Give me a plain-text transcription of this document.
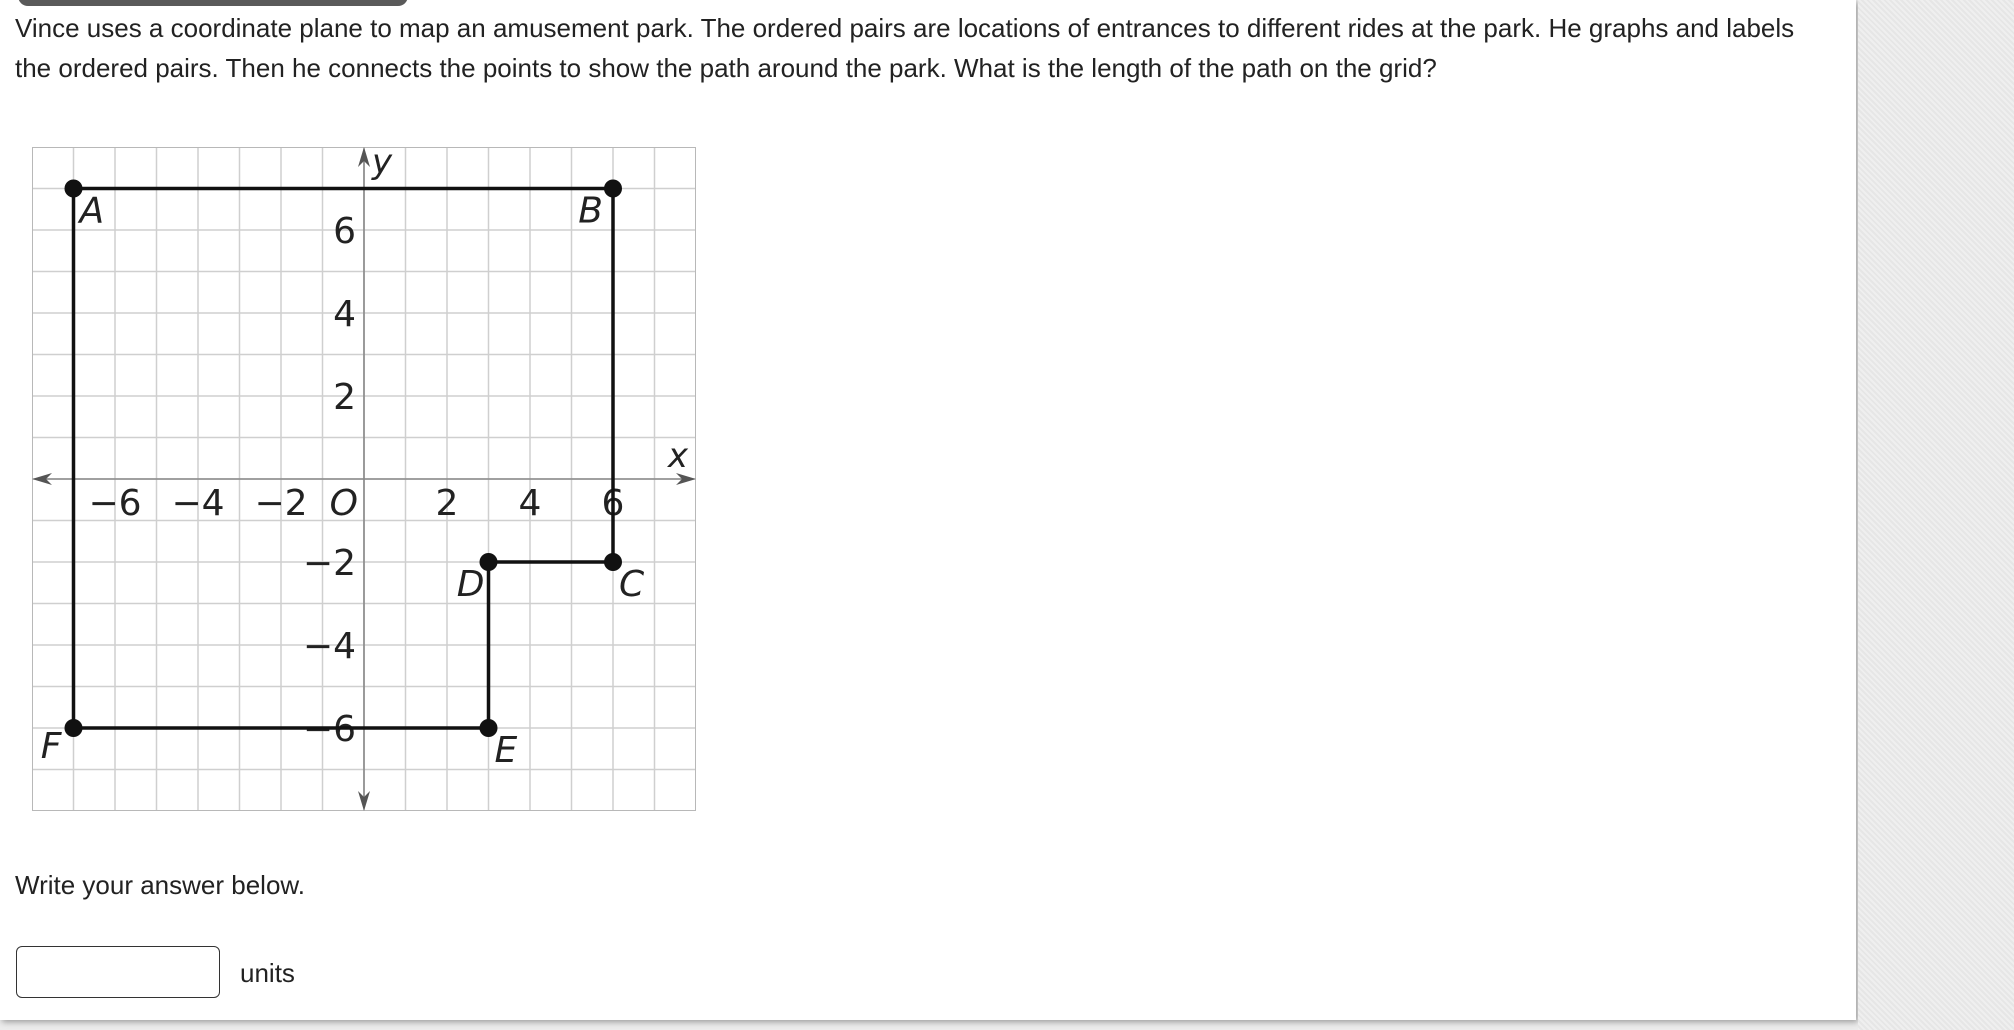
Vince uses a coordinate plane to map an amusement park. The ordered pairs are locations of entrances to different rides at the park. He graphs and labels the ordered pairs. Then he connects the points to show the path around the park. What is the length of the path on the grid?
x
y
O
−6 −4 −2	2 4 6
6
4
2
−2
−4
−6
A	B
C
D
E
F
Write your answer below.
units
